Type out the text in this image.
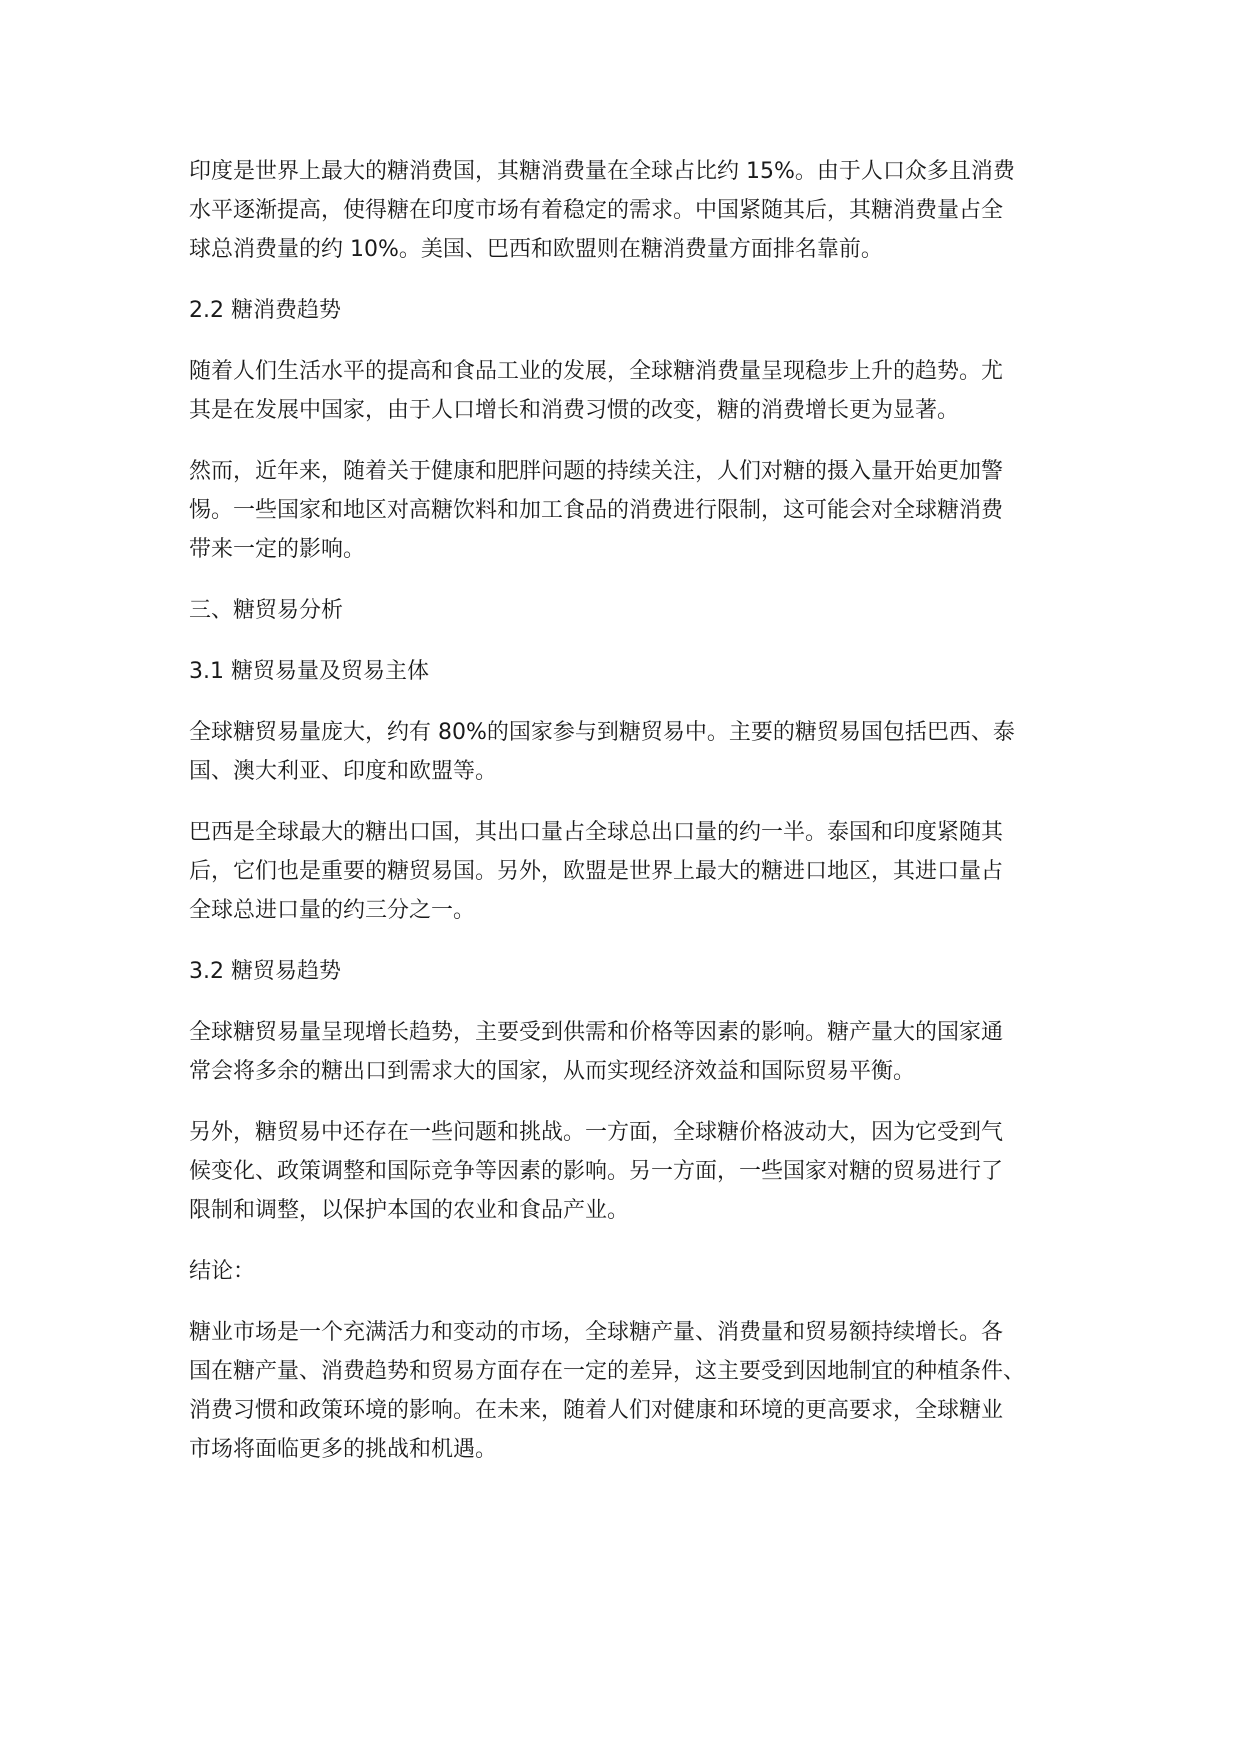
印度是世界上最大的糖消费国，其糖消费量在全球占比约 15%。由于人口众多且消费
水平逐渐提高，使得糖在印度市场有着稳定的需求。中国紧随其后，其糖消费量占全
球总消费量的约 10%。美国、巴西和欧盟则在糖消费量方面排名靠前。

2.2 糖消费趋势

随着人们生活水平的提高和食品工业的发展，全球糖消费量呈现稳步上升的趋势。尤
其是在发展中国家，由于人口增长和消费习惯的改变，糖的消费增长更为显著。

然而，近年来，随着关于健康和肥胖问题的持续关注，人们对糖的摄入量开始更加警
惕。一些国家和地区对高糖饮料和加工食品的消费进行限制，这可能会对全球糖消费
带来一定的影响。

三、糖贸易分析

3.1 糖贸易量及贸易主体

全球糖贸易量庞大，约有 80%的国家参与到糖贸易中。主要的糖贸易国包括巴西、泰
国、澳大利亚、印度和欧盟等。

巴西是全球最大的糖出口国，其出口量占全球总出口量的约一半。泰国和印度紧随其
后，它们也是重要的糖贸易国。另外，欧盟是世界上最大的糖进口地区，其进口量占
全球总进口量的约三分之一。

3.2 糖贸易趋势

全球糖贸易量呈现增长趋势，主要受到供需和价格等因素的影响。糖产量大的国家通
常会将多余的糖出口到需求大的国家，从而实现经济效益和国际贸易平衡。

另外，糖贸易中还存在一些问题和挑战。一方面，全球糖价格波动大，因为它受到气
候变化、政策调整和国际竞争等因素的影响。另一方面，一些国家对糖的贸易进行了
限制和调整，以保护本国的农业和食品产业。

结论：

糖业市场是一个充满活力和变动的市场，全球糖产量、消费量和贸易额持续增长。各
国在糖产量、消费趋势和贸易方面存在一定的差异，这主要受到因地制宜的种植条件、
消费习惯和政策环境的影响。在未来，随着人们对健康和环境的更高要求，全球糖业
市场将面临更多的挑战和机遇。
